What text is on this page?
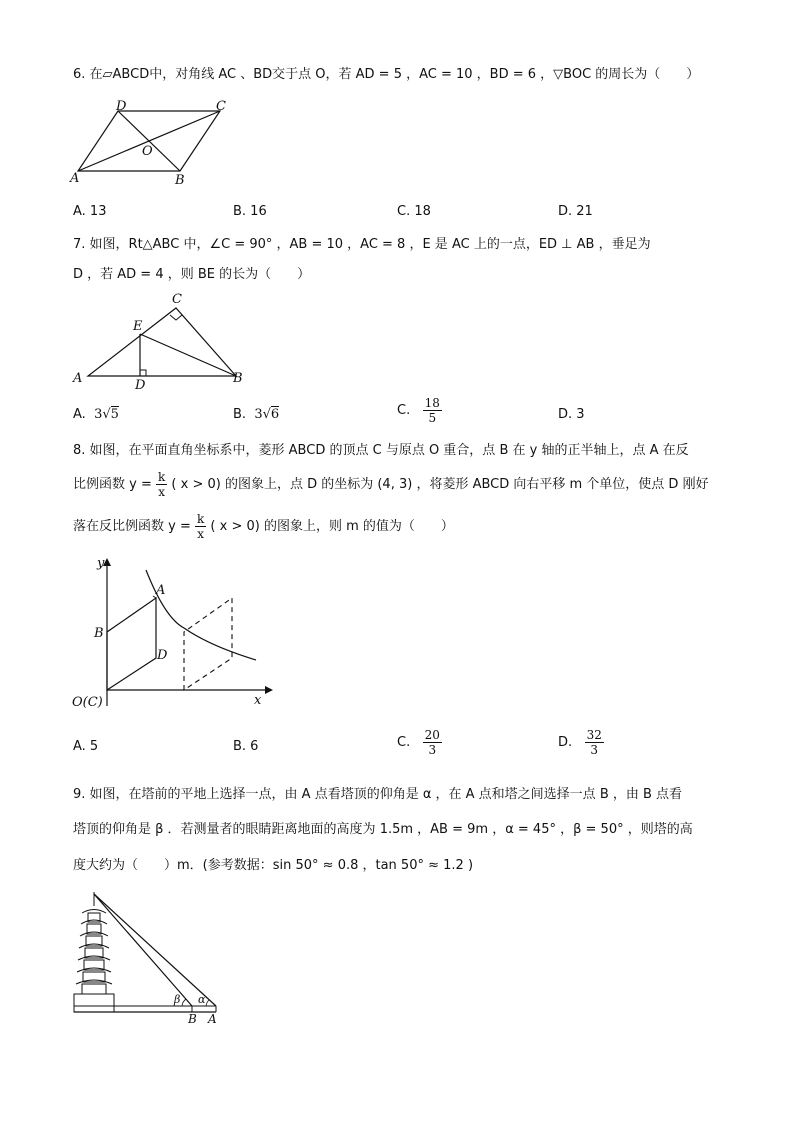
6. 在▱ABCD中，对角线 AC 、BD交于点 O，若 AD = 5 ，AC = 10 ，BD = 6 ，▽BOC 的周长为（　　）
D	C
O
A	B
A. 13	B. 16	C. 18	D. 21
7. 如图，Rt△ABC 中，∠C = 90° ，AB = 10 ，AC = 8 ，E 是 AC 上的一点，ED ⊥ AB ，垂足为
D ，若 AD = 4 ，则 BE 的长为（　　）
C
E
A	D	B
A. 3√5	B. 3√6	C. $\frac{18}{5}$	D. 3
8. 如图，在平面直角坐标系中，菱形 ABCD 的顶点 C 与原点 O 重合，点 B 在 y 轴的正半轴上，点 A 在反
比例函数 $y = \frac{k}{x}$ ( x > 0) 的图象上，点 D 的坐标为 (4, 3) ，将菱形 ABCD 向右平移 m 个单位，使点 D 刚好
落在反比例函数 $y = \frac{k}{x}$ ( x > 0) 的图象上，则 m 的值为（　　）
y
x
O(C)
B
A
D
A. 5	B. 6	C. $\frac{20}{3}$	D. $\frac{32}{3}$
9. 如图，在塔前的平地上选择一点，由 A 点看塔顶的仰角是 α ，在 A 点和塔之间选择一点 B ，由 B 点看
塔顶的仰角是 β ．若测量者的眼睛距离地面的高度为 1.5m ，AB = 9m ，α = 45° ，β = 50° ，则塔的高
度大约为（　　）m．(参考数据：sin 50° ≈ 0.8 ，tan 50° ≈ 1.2 )
β α
B A
